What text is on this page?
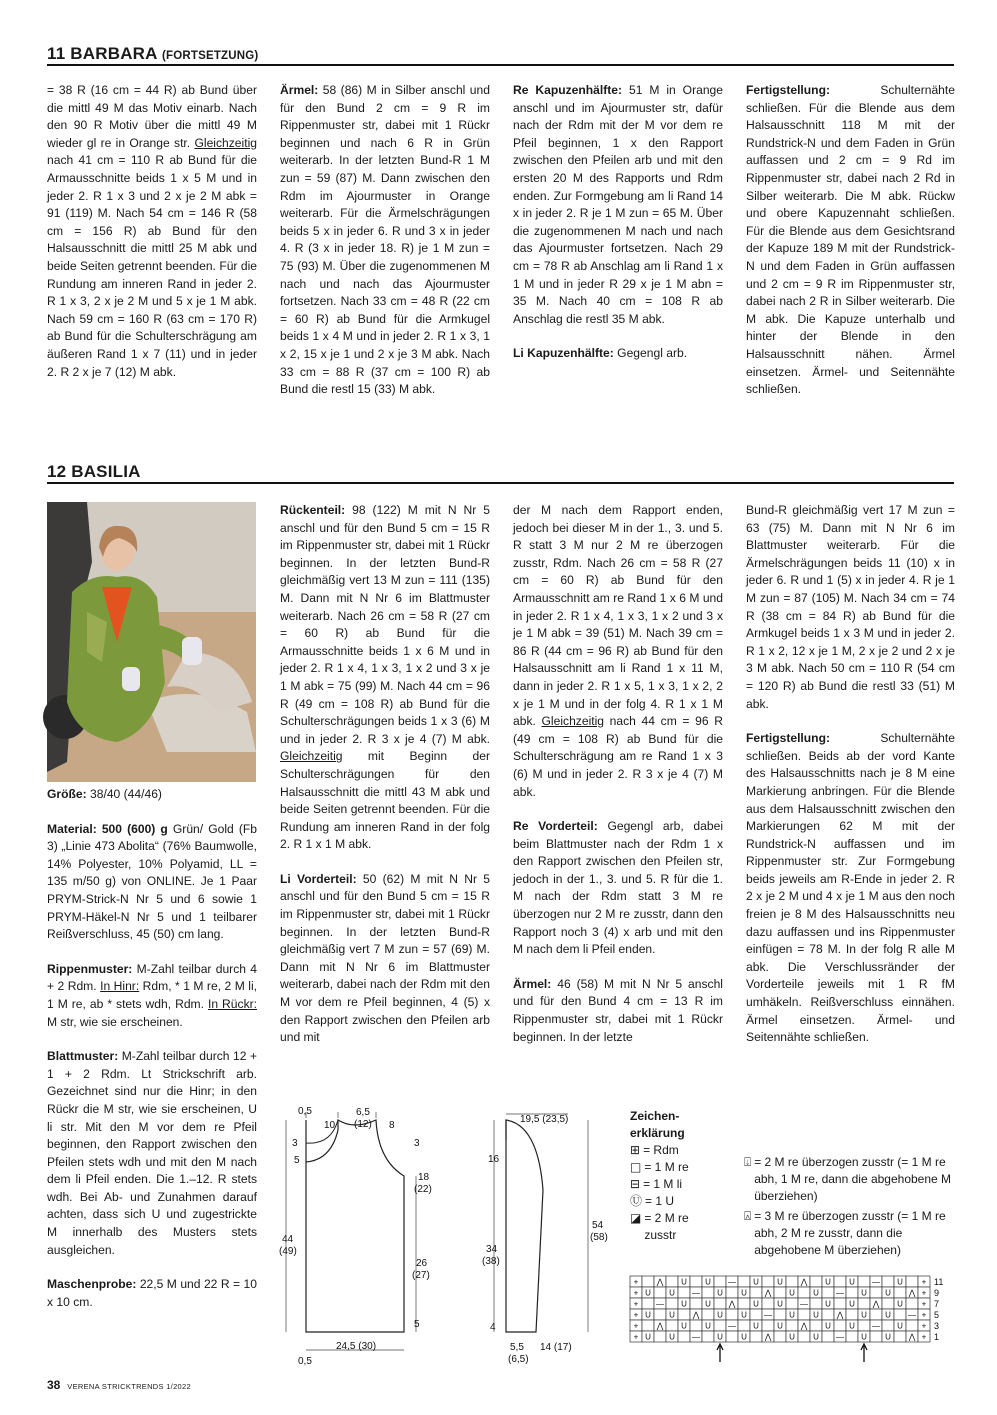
11 BARBARA (FORTSETZUNG)

= 38 R (16 cm = 44 R) ab Bund über die mittl 49 M das Motiv einarb. Nach den 90 R Motiv über die mittl 49 M wieder gl re in Orange str. Gleichzeitig nach 41 cm = 110 R ab Bund für die Armausschnitte beids 1 x 5 M und in jeder 2. R 1 x 3 und 2 x je 2 M abk = 91 (119) M. Nach 54 cm = 146 R (58 cm = 156 R) ab Bund für den Halsausschnitt die mittl 25 M abk und beide Seiten getrennt beenden. Für die Rundung am inneren Rand in jeder 2. R 1 x 3, 2 x je 2 M und 5 x je 1 M abk. Nach 59 cm = 160 R (63 cm = 170 R) ab Bund für die Schulterschrägung am äußeren Rand 1 x 7 (11) und in jeder 2. R 2 x je 7 (12) M abk.

Ärmel: 58 (86) M in Silber anschl und für den Bund 2 cm = 9 R im Rippenmuster str, dabei mit 1 Rückr beginnen und nach 6 R in Grün weiterarb. In der letzten Bund-R 1 M zun = 59 (87) M. Dann zwischen den Rdm im Ajourmuster in Orange weiterarb. Für die Ärmelschrägungen beids 5 x in jeder 6. R und 3 x in jeder 4. R (3 x in jeder 18. R) je 1 M zun = 75 (93) M. Über die zugenommenen M nach und nach das Ajourmuster fortsetzen. Nach 33 cm = 48 R (22 cm = 60 R) ab Bund für die Armkugel beids 1 x 4 M und in jeder 2. R 1 x 3, 1 x 2, 15 x je 1 und 2 x je 3 M abk. Nach 33 cm = 88 R (37 cm = 100 R) ab Bund die restl 15 (33) M abk.

Re Kapuzenhälfte: 51 M in Orange anschl und im Ajourmuster str, dafür nach der Rdm mit der M vor dem re Pfeil beginnen, 1 x den Rapport zwischen den Pfeilen arb und mit den ersten 20 M des Rapports und Rdm enden. Zur Formgebung am li Rand 14 x in jeder 2. R je 1 M zun = 65 M. Über die zugenommenen M nach und nach das Ajourmuster fortsetzen. Nach 29 cm = 78 R ab Anschlag am li Rand 1 x 1 M und in jeder R 29 x je 1 M abn = 35 M. Nach 40 cm = 108 R ab Anschlag die restl 35 M abk.

Li Kapuzenhälfte: Gegengl arb.

Fertigstellung: Schulternähte schließen. Für die Blende aus dem Halsausschnitt 118 M mit der Rundstrick-N und dem Faden in Grün auffassen und 2 cm = 9 Rd im Rippenmuster str, dabei nach 2 Rd in Silber weiterarb. Die M abk. Rückw und obere Kapuzennaht schließen. Für die Blende aus dem Gesichtsrand der Kapuze 189 M mit der Rundstrick-N und dem Faden in Grün auffassen und 2 cm = 9 R im Rippenmuster str, dabei nach 2 R in Silber weiterarb. Die M abk. Die Kapuze unterhalb und hinter der Blende in den Halsausschnitt nähen. Ärmel einsetzen. Ärmel- und Seitennähte schließen.

12 BASILIA

Größe: 38/40 (44/46)

Material: 500 (600) g Grün/ Gold (Fb 3) „Linie 473 Abolita“ (76% Baumwolle, 14% Polyester, 10% Polyamid, LL = 135 m/50 g) von ONLINE. Je 1 Paar PRYM-Strick-N Nr 5 und 6 sowie 1 PRYM-Häkel-N Nr 5 und 1 teilbarer Reißverschluss, 45 (50) cm lang.

Rippenmuster: M-Zahl teilbar durch 4 + 2 Rdm. In Hinr: Rdm, * 1 M re, 2 M li, 1 M re, ab * stets wdh, Rdm. In Rückr: M str, wie sie erscheinen.

Blattmuster: M-Zahl teilbar durch 12 + 1 + 2 Rdm. Lt Strickschrift arb. Gezeichnet sind nur die Hinr; in den Rückr die M str, wie sie erscheinen, U li str. Mit den M vor dem re Pfeil beginnen, den Rapport zwischen den Pfeilen stets wdh und mit den M nach dem li Pfeil enden. Die 1.–12. R stets wdh. Bei Ab- und Zunahmen darauf achten, dass sich U und zugestrickte M innerhalb des Musters stets ausgleichen.

Maschenprobe: 22,5 M und 22 R = 10 x 10 cm.

Rückenteil: 98 (122) M mit N Nr 5 anschl und für den Bund 5 cm = 15 R im Rippenmuster str, dabei mit 1 Rückr beginnen. In der letzten Bund-R gleichmäßig vert 13 M zun = 111 (135) M. Dann mit N Nr 6 im Blattmuster weiterarb. Nach 26 cm = 58 R (27 cm = 60 R) ab Bund für die Armausschnitte beids 1 x 6 M und in jeder 2. R 1 x 4, 1 x 3, 1 x 2 und 3 x je 1 M abk = 75 (99) M. Nach 44 cm = 96 R (49 cm = 108 R) ab Bund für die Schulterschrägungen beids 1 x 3 (6) M und in jeder 2. R 3 x je 4 (7) M abk. Gleichzeitig mit Beginn der Schulterschrägungen für den Halsausschnitt die mittl 43 M abk und beide Seiten getrennt beenden. Für die Rundung am inneren Rand in der folg 2. R 1 x 1 M abk.

Li Vorderteil: 50 (62) M mit N Nr 5 anschl und für den Bund 5 cm = 15 R im Rippenmuster str, dabei mit 1 Rückr beginnen. In der letzten Bund-R gleichmäßig vert 7 M zun = 57 (69) M. Dann mit N Nr 6 im Blattmuster weiterarb, dabei nach der Rdm mit den M vor dem re Pfeil beginnen, 4 (5) x den Rapport zwischen den Pfeilen arb und mit

der M nach dem Rapport enden, jedoch bei dieser M in der 1., 3. und 5. R statt 3 M nur 2 M re überzogen zusstr, Rdm. Nach 26 cm = 58 R (27 cm = 60 R) ab Bund für den Armausschnitt am re Rand 1 x 6 M und in jeder 2. R 1 x 4, 1 x 3, 1 x 2 und 3 x je 1 M abk = 39 (51) M. Nach 39 cm = 86 R (44 cm = 96 R) ab Bund für den Halsausschnitt am li Rand 1 x 11 M, dann in jeder 2. R 1 x 5, 1 x 3, 1 x 2, 2 x je 1 M und in der folg 4. R 1 x 1 M abk. Gleichzeitig nach 44 cm = 96 R (49 cm = 108 R) ab Bund für die Schulterschrägung am re Rand 1 x 3 (6) M und in jeder 2. R 3 x je 4 (7) M abk.

Re Vorderteil: Gegengl arb, dabei beim Blattmuster nach der Rdm 1 x den Rapport zwischen den Pfeilen str, jedoch in der 1., 3. und 5. R für die 1. M nach der Rdm statt 3 M re überzogen nur 2 M re zusstr, dann den Rapport noch 3 (4) x arb und mit den M nach dem li Pfeil enden.

Ärmel: 46 (58) M mit N Nr 5 anschl und für den Bund 4 cm = 13 R im Rippenmuster str, dabei mit 1 Rückr beginnen. In der letzte

Bund-R gleichmäßig vert 17 M zun = 63 (75) M. Dann mit N Nr 6 im Blattmuster weiterarb. Für die Ärmelschrägungen beids 11 (10) x in jeder 6. R und 1 (5) x in jeder 4. R je 1 M zun = 87 (105) M. Nach 34 cm = 74 R (38 cm = 84 R) ab Bund für die Armkugel beids 1 x 3 M und in jeder 2. R 1 x 2, 12 x je 1 M, 2 x je 2 und 2 x je 3 M abk. Nach 50 cm = 110 R (54 cm = 120 R) ab Bund die restl 33 (51) M abk.

Fertigstellung: Schulternähte schließen. Beids ab der vord Kante des Halsausschnitts nach je 8 M eine Markierung anbringen. Für die Blende aus dem Halsausschnitt zwischen den Markierungen 62 M mit der Rundstrick-N auffassen und im Rippenmuster str. Zur Formgebung beids jeweils am R-Ende in jeder 2. R 2 x je 2 M und 4 x je 1 M aus den noch freien je 8 M des Halsausschnitts neu dazu auffassen und ins Rippenmuster einfügen = 78 M. In der folg R alle M abk. Die Verschlussränder der Vorderteile jeweils mit 1 R fM umhäkeln. Reißverschluss einnähen. Ärmel einsetzen. Ärmel- und Seitennähte schließen.

0,5	6,5
(12)
10	8
3	3
5
18
(22)
44
(49)
26
(27)
5
24,5 (30)
0,5
19,5 (23,5)
16
54
(58)
34
(38)
4
5,5
(6,5)
14 (17)
Zeichen-
erklärung
⊞ = Rdm
□ = 1 M re
⊟ = 1 M li
Ⓤ = 1 U
◪ = 2 M re
zusstr
⍗ = 2 M re überzogen zusstr (= 1 M re abh, 1 M re, dann die abgehobene M überziehen)
⍓ = 3 M re überzogen zusstr (= 1 M re abh, 2 M re zusstr, dann die abgehobene M überziehen)
+ ⋀ U U — U U ⋀ U U — U + 11
+ U U — U U ⋀ U U — U U ⋀ + 9
+ — U U ⋀ U U — U U ⋀ U + 7
+ U U ⋀ U U — U U ⋀ U U — + 5
+ ⋀ U U — U U ⋀ U U — U + 3
+ U U — U U ⋀ U U — U U ⋀ + 1
38 VERENA STRICKTRENDS 1/2022
